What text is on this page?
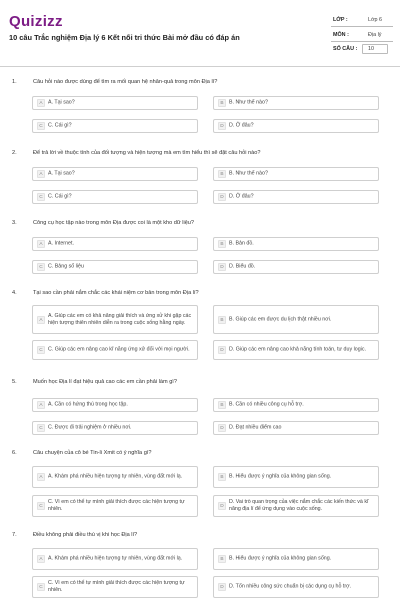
Quizizz
10 câu Trắc nghiệm Địa lý 6 Kết nối tri thức Bài mở đầu có đáp án
LỚP :	Lớp 6
MÔN :	Địa lý
SỐ CÂU : 10
1.	Câu hỏi nào được dùng để tìm ra mối quan hệ nhân-quả trong môn Địa lí?
A	A. Tại sao?	B	B. Như thế nào?
C C. Cái gì?	D D. Ở đâu?
2.	Để trả lời về thuộc tính của đối tượng và hiện tượng mà em tìm hiểu thì sẽ đặt câu hỏi nào?
A	A. Tại sao?	B	B. Như thế nào?
C C. Cái gì?	D D. Ở đâu?
3.	Công cụ học tập nào trong môn Địa được coi là một kho dữ liệu?
A	A. Internet.	B	B. Bản đồ.
C C. Bảng số liệu	D D. Biểu đồ.
4.	Tại sao cần phải nắm chắc các khái niệm cơ bản trong môn Địa lí?
A
A. Giúp các em có khả năng giải thích và ứng xử khi gặp các hiện tượng thiên nhiên diễn ra trong cuộc sống hằng ngày.	B	B. Giúp các em được du lịch thật nhiều nơi.
C C. Giúp các em nâng cao kĩ năng ứng xử đối với mọi người.	D D. Giúp các em nâng cao khả năng tính toán, tư duy logic.
5.	Muốn học Địa lí đạt hiệu quả cao các em cần phải làm gì?
A	A. Cần có hứng thú trong học tập.	B	B. Cần có nhiều công cụ hỗ trợ.
C C. Được đi trải nghiệm ở nhiều nơi.	D D. Đạt nhiều điểm cao
6.	Câu chuyện của cô bé Tin-li Xmit có ý nghĩa gì?
A	A. Khám phá nhiều hiện tượng tự nhiên, vùng đất mới lạ.	B	B. Hiểu được ý nghĩa của không gian sống.
C
C. Vì em có thể tự mình giải thích được các hiện tượng tự nhiên.	D
D. Vai trò quan trọng của việc nắm chắc các kiến thức và kĩ năng địa lí để ứng dụng vào cuộc sống.
7.	Điều không phải điều thú vị khi học Địa lí?
A	A. Khám phá nhiều hiện tượng tự nhiên, vùng đất mới lạ.	B	B. Hiểu được ý nghĩa của không gian sống.
C
C. Vì em có thể tự mình giải thích được các hiện tượng tự nhiên.	D D. Tốn nhiều công sức chuẩn bị các dụng cụ hỗ trợ.
